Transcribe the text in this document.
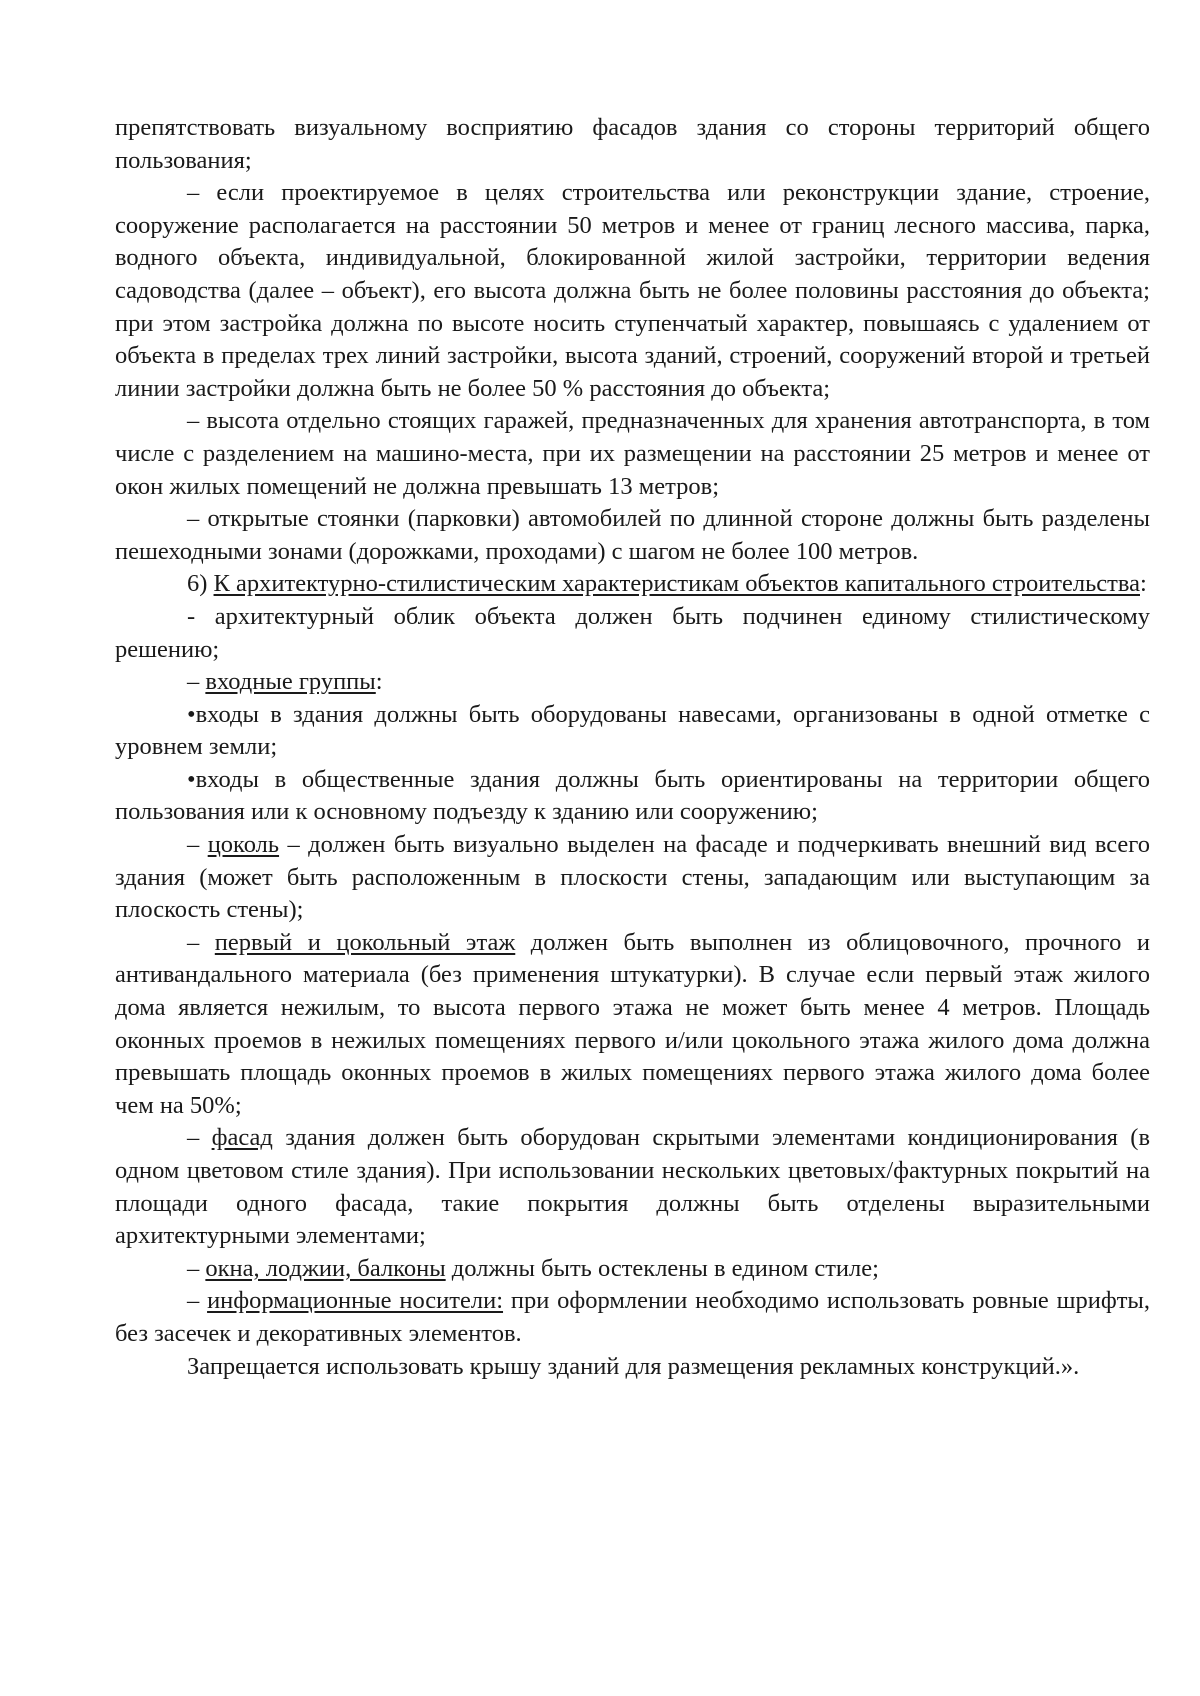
препятствовать визуальному восприятию фасадов здания со стороны территорий общего пользования;

– если проектируемое в целях строительства или реконструкции здание, строение, сооружение располагается на расстоянии 50 метров и менее от границ лесного массива, парка, водного объекта, индивидуальной, блокированной жилой застройки, территории ведения садоводства (далее – объект), его высота должна быть не более половины расстояния до объекта; при этом застройка должна по высоте носить ступенчатый характер, повышаясь с удалением от объекта в пределах трех линий застройки, высота зданий, строений, сооружений второй и третьей линии застройки должна быть не более 50 % расстояния до объекта;

– высота отдельно стоящих гаражей, предназначенных для хранения автотранспорта, в том числе с разделением на машино-места, при их размещении на расстоянии 25 метров и менее от окон жилых помещений не должна превышать 13 метров;

– открытые стоянки (парковки) автомобилей по длинной стороне должны быть разделены пешеходными зонами (дорожками, проходами) с шагом не более 100 метров.

6) К архитектурно-стилистическим характеристикам объектов капитального строительства:

- архитектурный облик объекта должен быть подчинен единому стилистическому решению;

– входные группы:

•входы в здания должны быть оборудованы навесами, организованы в одной отметке с уровнем земли;

•входы в общественные здания должны быть ориентированы на территории общего пользования или к основному подъезду к зданию или сооружению;

– цоколь – должен быть визуально выделен на фасаде и подчеркивать внешний вид всего здания (может быть расположенным в плоскости стены, западающим или выступающим за плоскость стены);

– первый и цокольный этаж должен быть выполнен из облицовочного, прочного и антивандального материала (без применения штукатурки). В случае если первый этаж жилого дома является нежилым, то высота первого этажа не может быть менее 4 метров. Площадь оконных проемов в нежилых помещениях первого и/или цокольного этажа жилого дома должна превышать площадь оконных проемов в жилых помещениях первого этажа жилого дома более чем на 50%;

– фасад здания должен быть оборудован скрытыми элементами кондиционирования (в одном цветовом стиле здания). При использовании нескольких цветовых/фактурных покрытий на площади одного фасада, такие покрытия должны быть отделены выразительными архитектурными элементами;

– окна, лоджии, балконы должны быть остеклены в едином стиле;

– информационные носители: при оформлении необходимо использовать ровные шрифты, без засечек и декоративных элементов.

Запрещается использовать крышу зданий для размещения рекламных конструкций.».
